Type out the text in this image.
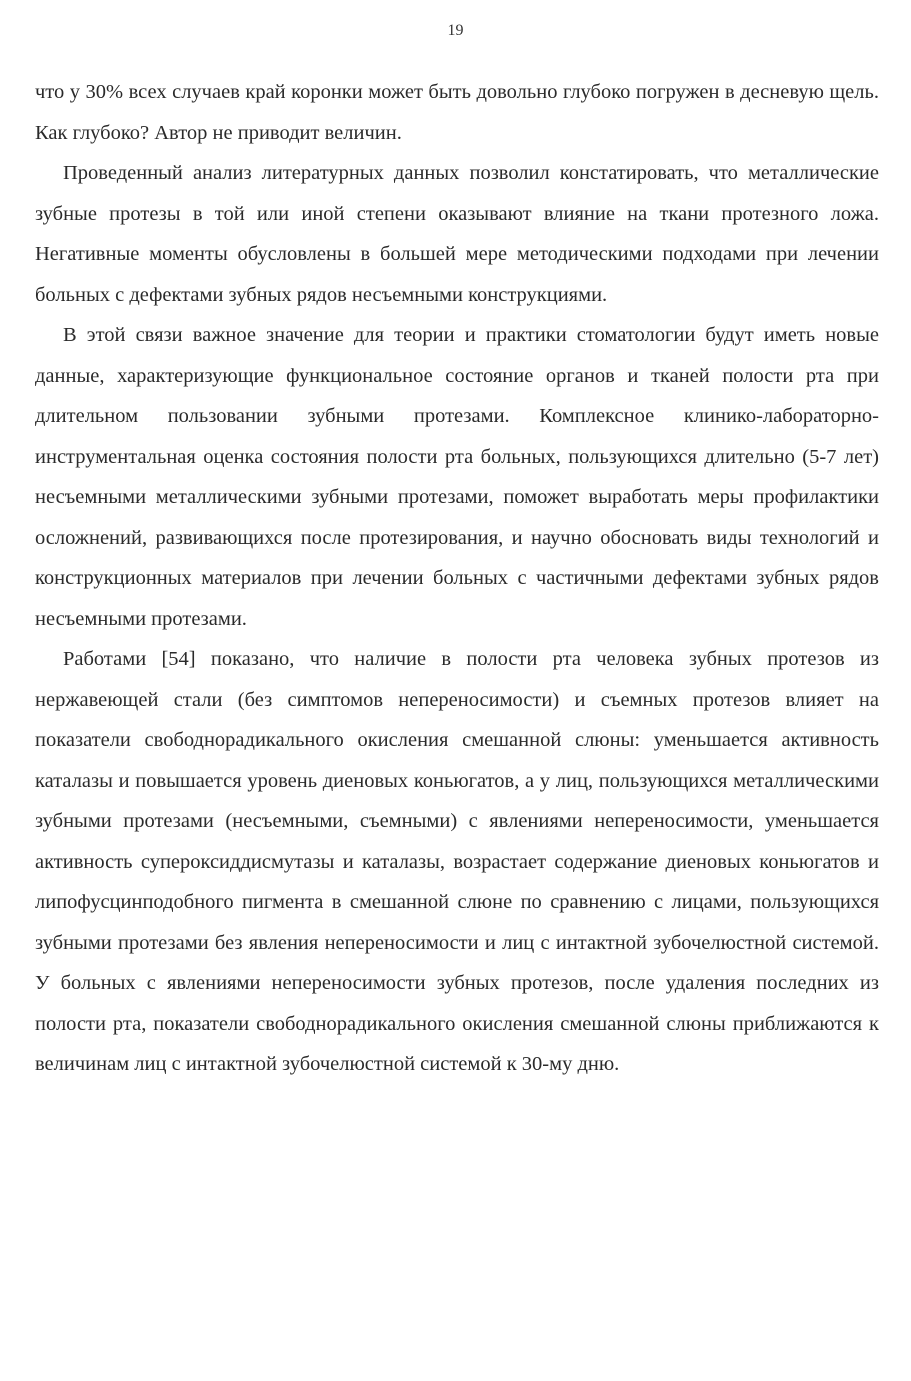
19

что у 30% всех случаев край коронки может быть довольно глубоко погружен в десневую щель. Как глубоко? Автор не приводит величин.

Проведенный анализ литературных данных позволил констатировать, что металлические зубные протезы в той или иной степени оказывают влияние на ткани протезного ложа. Негативные моменты обусловлены в большей мере методическими подходами при лечении больных с дефектами зубных рядов несъемными конструкциями.

В этой связи важное значение для теории и практики стоматологии будут иметь новые данные, характеризующие функциональное состояние органов и тканей полости рта при длительном пользовании зубными протезами. Комплексное клинико-лабораторно-инструментальная оценка состояния полости рта больных, пользующихся длительно (5-7 лет) несъемными металлическими зубными протезами, поможет выработать меры профилактики осложнений, развивающихся после протезирования, и научно обосновать виды технологий и конструкционных материалов при лечении больных с частичными дефектами зубных рядов несъемными протезами.

Работами [54] показано, что наличие в полости рта человека зубных протезов из нержавеющей стали (без симптомов непереносимости) и съемных протезов влияет на показатели свободнорадикального окисления смешанной слюны: уменьшается активность каталазы и повышается уровень диеновых коньюгатов, а у лиц, пользующихся металлическими зубными протезами (несъемными, съемными) с явлениями непереносимости, уменьшается активность супероксиддисмутазы и каталазы, возрастает содержание диеновых коньюгатов и липофусцинподобного пигмента в смешанной слюне по сравнению с лицами, пользующихся зубными протезами без явления непереносимости и лиц с интактной зубочелюстной системой. У больных с явлениями непереносимости зубных протезов, после удаления последних из полости рта, показатели свободнорадикального окисления смешанной слюны приближаются к величинам лиц с интактной зубочелюстной системой к 30-му дню.
